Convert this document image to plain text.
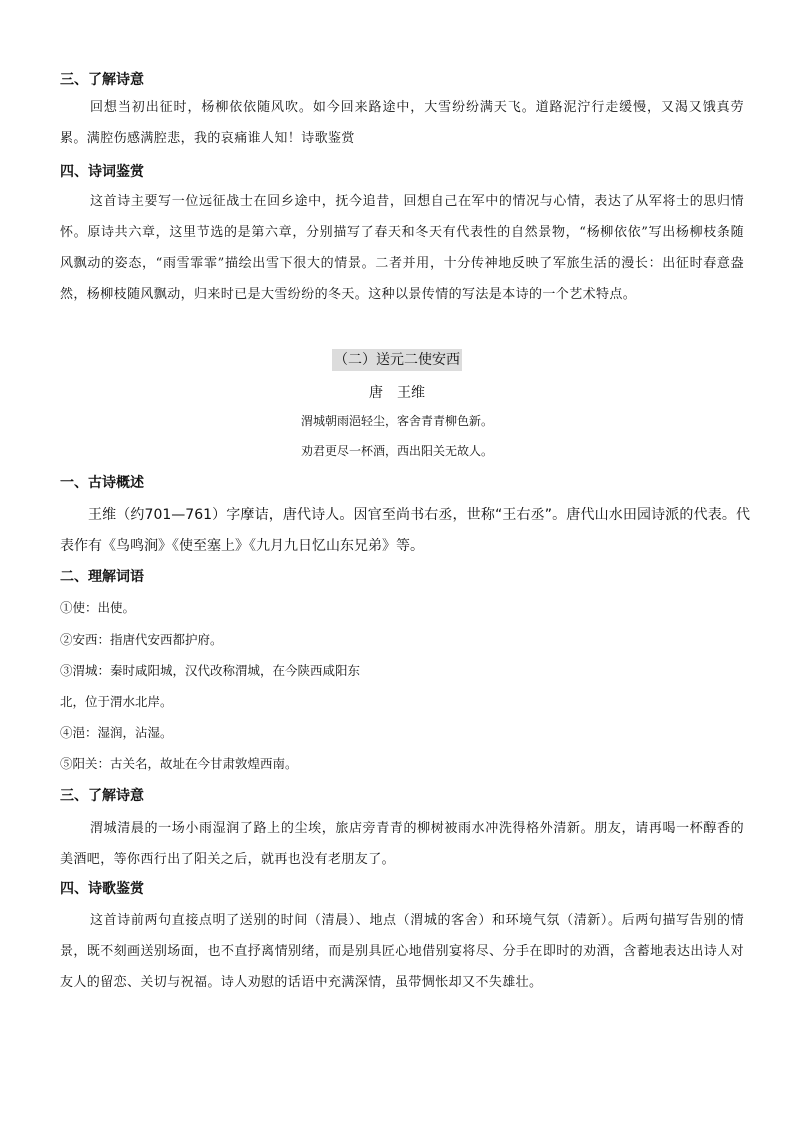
三、了解诗意

回想当初出征时，杨柳依依随风吹。如今回来路途中，大雪纷纷满天飞。道路泥泞行走缓慢，又渴又饿真劳累。满腔伤感满腔悲，我的哀痛谁人知！诗歌鉴赏

四、诗词鉴赏

这首诗主要写一位远征战士在回乡途中，抚今追昔，回想自己在军中的情况与心情，表达了从军将士的思归情怀。原诗共六章，这里节选的是第六章，分别描写了春天和冬天有代表性的自然景物，“杨柳依依”写出杨柳枝条随风飘动的姿态，“雨雪霏霏”描绘出雪下很大的情景。二者并用，十分传神地反映了军旅生活的漫长：出征时春意盎然，杨柳枝随风飘动，归来时已是大雪纷纷的冬天。这种以景传情的写法是本诗的一个艺术特点。

（二）送元二使安西
唐　王维
渭城朝雨浥轻尘，客舍青青柳色新。
劝君更尽一杯酒，西出阳关无故人。
一、古诗概述

王维（约701—761）字摩诘，唐代诗人。因官至尚书右丞，世称“王右丞”。唐代山水田园诗派的代表。代表作有《鸟鸣涧》《使至塞上》《九月九日忆山东兄弟》等。

二、理解词语

①使：出使。

②安西：指唐代安西都护府。

③渭城：秦时咸阳城，汉代改称渭城，在今陕西咸阳东

北，位于渭水北岸。

④浥：湿润，沾湿。

⑤阳关：古关名，故址在今甘肃敦煌西南。

三、了解诗意

渭城清晨的一场小雨湿润了路上的尘埃，旅店旁青青的柳树被雨水冲洗得格外清新。朋友，请再喝一杯醇香的美酒吧，等你西行出了阳关之后，就再也没有老朋友了。

四、诗歌鉴赏

这首诗前两句直接点明了送别的时间（清晨）、地点（渭城的客舍）和环境气氛（清新）。后两句描写告别的情景，既不刻画送别场面，也不直抒离情别绪，而是别具匠心地借别宴将尽、分手在即时的劝酒，含蓄地表达出诗人对友人的留恋、关切与祝福。诗人劝慰的话语中充满深情，虽带惆怅却又不失雄壮。
